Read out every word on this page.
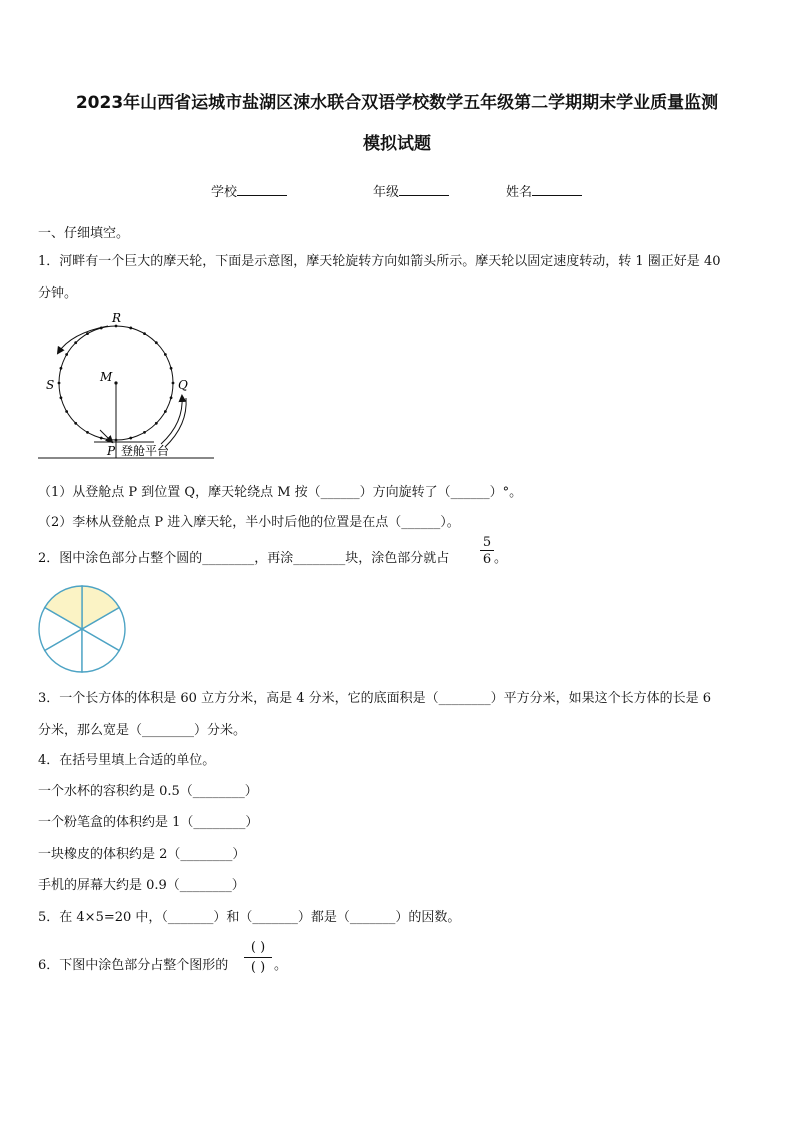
2023年山西省运城市盐湖区涑水联合双语学校数学五年级第二学期期末学业质量监测
模拟试题
学校	年级	姓名
一、仔细填空。
1．河畔有一个巨大的摩天轮，下面是示意图，摩天轮旋转方向如箭头所示。摩天轮以固定速度转动，转 1 圈正好是 40
分钟。
R
S
M
Q
P 登舱平台
（1）从登舱点 P 到位置 Q，摩天轮绕点 M 按（______）方向旋转了（______）°。
（2）李林从登舱点 P 进入摩天轮，半小时后他的位置是在点（______）。
2．图中涂色部分占整个圆的________，再涂________块，涂色部分就占 $\frac{5}{6}$ 。
3．一个长方体的体积是 60 立方分米，高是 4 分米，它的底面积是（________）平方分米，如果这个长方体的长是 6
分米，那么宽是（________）分米。
4．在括号里填上合适的单位。
一个水杯的容积约是 0.5（________）
一个粉笔盒的体积约是 1（________）
一块橡皮的体积约是 2（________）
手机的屏幕大约是 0.9（________）
5．在 4×5=20 中，（_______）和（_______）都是（_______）的因数。
6．下图中涂色部分占整个图形的
( )
( ) 。
